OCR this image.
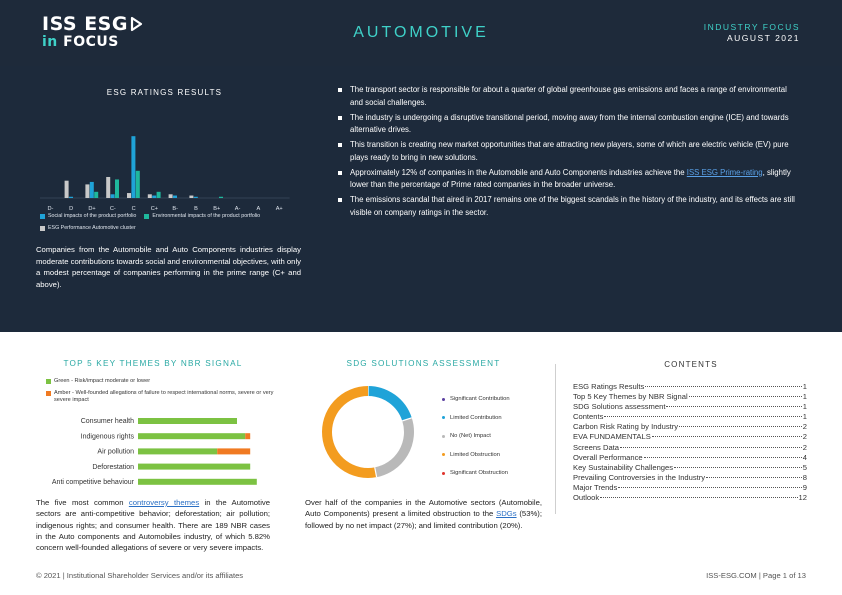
ISS ESG
in FOCUS
AUTOMOTIVE	INDUSTRY FOCUS
AUGUST 2021
ESG RATINGS RESULTS
D-	D	D+	C-	C	C+	B-	B	B+	A-	A	A+
Social impacts of the product portfolio	Environmental impacts of the product portfolio
ESG Performance Automotive cluster

Companies from the Automobile and Auto Components industries display moderate contributions towards social and environmental objectives, with only a modest percentage of companies performing in the prime range (C+ and above).

The transport sector is responsible for about a quarter of global greenhouse gas emissions and faces a range of environmental and social challenges.
The industry is undergoing a disruptive transitional period, moving away from the internal combustion engine (ICE) and towards alternative drives.
This transition is creating new market opportunities that are attracting new players, some of which are electric vehicle (EV) pure plays ready to bring in new solutions.
Approximately 12% of companies in the Automobile and Auto Components industries achieve the ISS ESG Prime-rating, slightly lower than the percentage of Prime rated companies in the broader universe.
The emissions scandal that aired in 2017 remains one of the biggest scandals in the history of the industry, and its effects are still visible on company ratings in the sector.
TOP 5 KEY THEMES BY NBR SIGNAL
Green - Risk/impact moderate or lower
Amber - Well-founded allegations of failure to respect international norms, severe or very severe impact
Consumer health
Indigenous rights
Air pollution
Deforestation
Anti competitive behaviour

The five most common controversy themes in the Automotive sectors are anti-competitive behavior; deforestation; air pollution; indigenous rights; and consumer health. There are 189 NBR cases in the Auto components and Automobiles industry, of which 5.82% concern well-founded allegations of severe or very severe impacts.

SDG SOLUTIONS ASSESSMENT
Significant Contribution
Limited Contribution
No (Net) Impact
Limited Obstruction
Significant Obstruction

Over half of the companies in the Automotive sectors (Automobile, Auto Components) present a limited obstruction to the SDGs (53%); followed by no net impact (27%); and limited contribution (20%).

CONTENTS
ESG Ratings Results	1
Top 5 Key Themes by NBR Signal	1
SDG Solutions assessment	1
Contents	1
Carbon Risk Rating by Industry	2
EVA FUNDAMENTALS	2
Screens Data	2
Overall Performance	4
Key Sustainability Challenges	5
Prevailing Controversies in the Industry	8
Major Trends	9
Outlook	12
© 2021 | Institutional Shareholder Services and/or its affiliates	ISS-ESG.COM | Page 1 of 13
